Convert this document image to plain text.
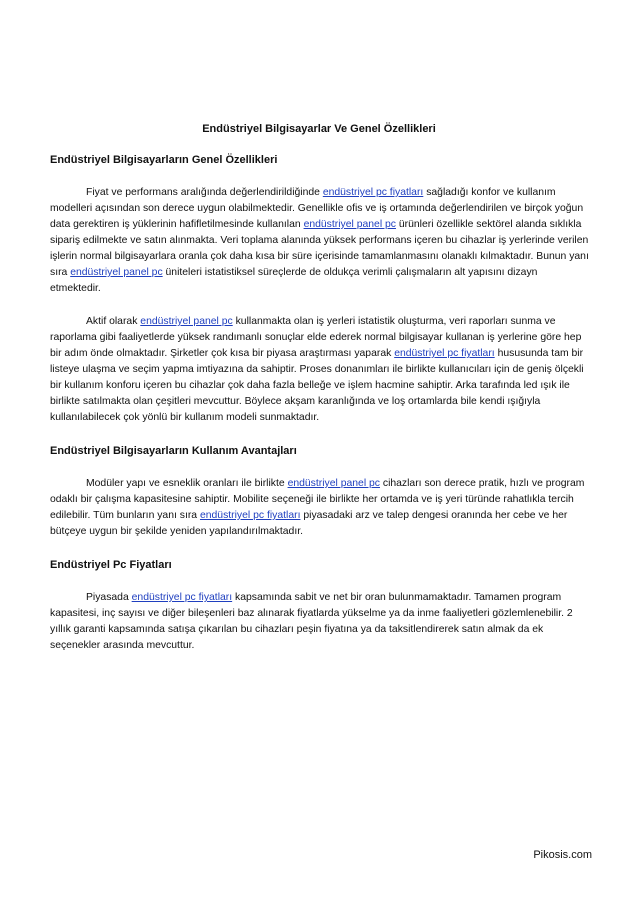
Endüstriyel Bilgisayarlar Ve Genel Özellikleri
Endüstriyel Bilgisayarların Genel Özellikleri

Fiyat ve performans aralığında değerlendirildiğinde endüstriyel pc fiyatları sağladığı konfor ve kullanım modelleri açısından son derece uygun olabilmektedir. Genellikle ofis ve iş ortamında değerlendirilen ve birçok yoğun data gerektiren iş yüklerinin hafifletilmesinde kullanılan endüstriyel panel pc ürünleri özellikle sektörel alanda sıklıkla sipariş edilmekte ve satın alınmakta. Veri toplama alanında yüksek performans içeren bu cihazlar iş yerlerinde verilen işlerin normal bilgisayarlara oranla çok daha kısa bir süre içerisinde tamamlanmasını olanaklı kılmaktadır. Bunun yanı sıra endüstriyel panel pc üniteleri istatistiksel süreçlerde de oldukça verimli çalışmaların alt yapısını dizayn etmektedir.

Aktif olarak endüstriyel panel pc kullanmakta olan iş yerleri istatistik oluşturma, veri raporları sunma ve raporlama gibi faaliyetlerde yüksek randımanlı sonuçlar elde ederek normal bilgisayar kullanan iş yerlerine göre hep bir adım önde olmaktadır. Şirketler çok kısa bir piyasa araştırması yaparak endüstriyel pc fiyatları hususunda tam bir listeye ulaşma ve seçim yapma imtiyazına da sahiptir. Proses donanımları ile birlikte kullanıcıları için de geniş ölçekli bir kullanım konforu içeren bu cihazlar çok daha fazla belleğe ve işlem hacmine sahiptir. Arka tarafında led ışık ile birlikte satılmakta olan çeşitleri mevcuttur. Böylece akşam karanlığında ve loş ortamlarda bile kendi ışığıyla kullanılabilecek çok yönlü bir kullanım modeli sunmaktadır.

Endüstriyel Bilgisayarların Kullanım Avantajları

Modüler yapı ve esneklik oranları ile birlikte endüstriyel panel pc cihazları son derece pratik, hızlı ve program odaklı bir çalışma kapasitesine sahiptir. Mobilite seçeneği ile birlikte her ortamda ve iş yeri türünde rahatlıkla tercih edilebilir. Tüm bunların yanı sıra endüstriyel pc fiyatları piyasadaki arz ve talep dengesi oranında her cebe ve her bütçeye uygun bir şekilde yeniden yapılandırılmaktadır.

Endüstriyel Pc Fiyatları

Piyasada endüstriyel pc fiyatları kapsamında sabit ve net bir oran bulunmamaktadır. Tamamen program kapasitesi, inç sayısı ve diğer bileşenleri baz alınarak fiyatlarda yükselme ya da inme faaliyetleri gözlemlenebilir. 2 yıllık garanti kapsamında satışa çıkarılan bu cihazları peşin fiyatına ya da taksitlendirerek satın almak da ek seçenekler arasında mevcuttur.

Pikosis.com
